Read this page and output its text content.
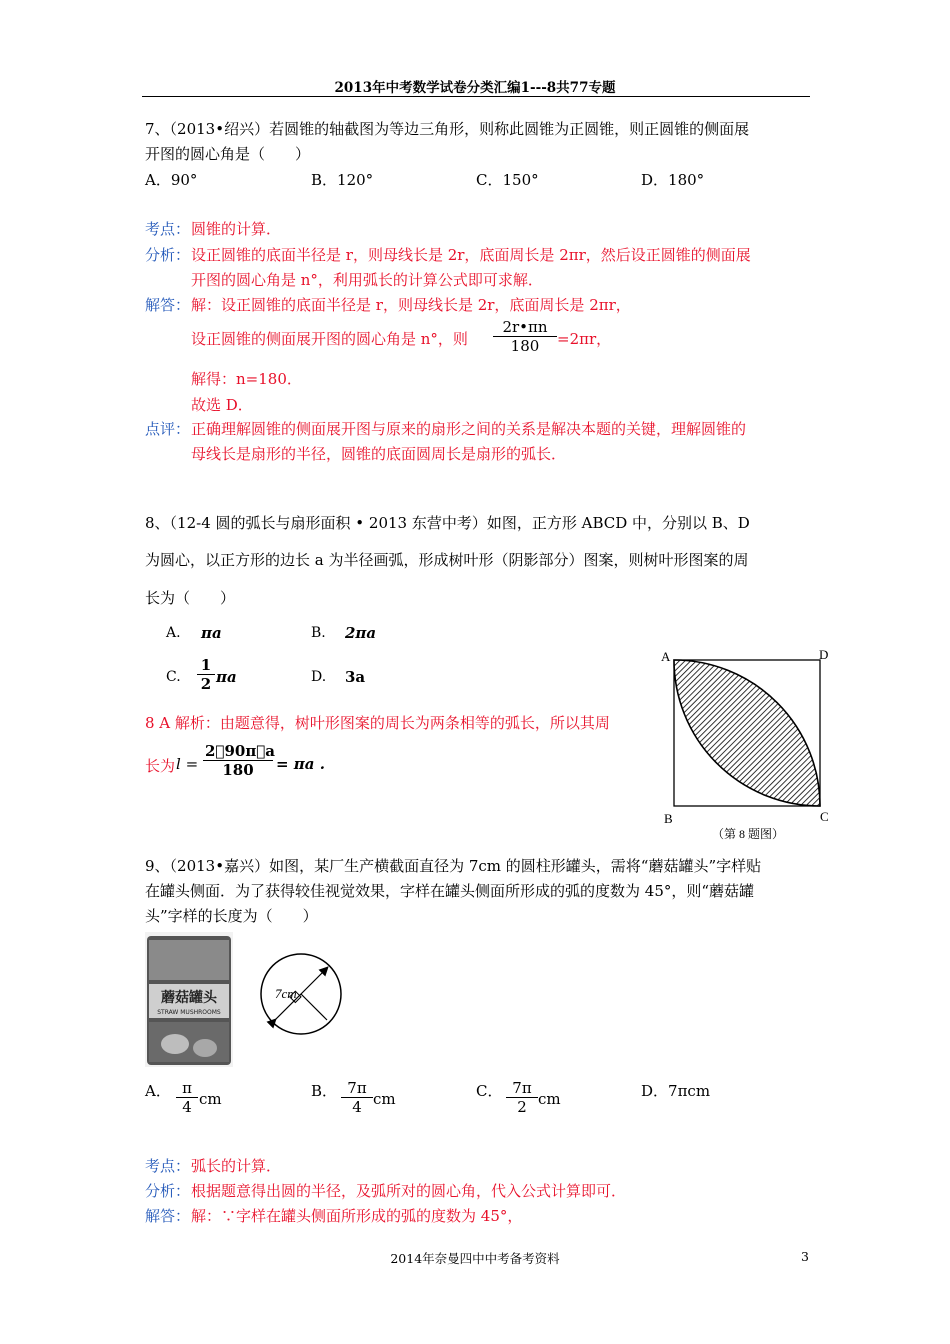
2013年中考数学试卷分类汇编1---8共77专题
7、（2013•绍兴）若圆锥的轴截图为等边三角形，则称此圆锥为正圆锥，则正圆锥的侧面展
开图的圆心角是（　　）
A．90°	B．120°	C．150°	D．180°
考点： 圆锥的计算．
分析： 设正圆锥的底面半径是 r，则母线长是 2r，底面周长是 2πr，然后设正圆锥的侧面展
开图的圆心角是 n°，利用弧长的计算公式即可求解．
解答： 解：设正圆锥的底面半径是 r，则母线长是 2r，底面周长是 2πr，
设正圆锥的侧面展开图的圆心角是 n°，则 $\frac{2r•\pi n}{180} =2\pi r$，
解得：n=180．
故选 D．
点评： 正确理解圆锥的侧面展开图与原来的扇形之间的关系是解决本题的关键，理解圆锥的
母线长是扇形的半径，圆锥的底面圆周长是扇形的弧长．
8、（12-4 圆的弧长与扇形面积 • 2013 东营中考）如图，正方形 ABCD 中，分别以 B、D
为圆心，以正方形的边长 a 为半径画弧，形成树叶形（阴影部分）图案，则树叶形图案的周
长为（　　）
A. πa	B. 2πa
C. $\frac{1}{2}$ πa	D. 3a
8 A 解析：由题意得，树叶形图案的周长为两条相等的弧长，所以其周
长为 $l = \frac{2⃞90\pi⃞a}{180} = \pi a$ .
A	D
B	C
（第 8 题图）
9、（2013•嘉兴）如图，某厂生产横截面直径为 7cm 的圆柱形罐头，需将“蘑菇罐头”字样贴
在罐头侧面．为了获得较佳视觉效果，字样在罐头侧面所形成的弧的度数为 45°，则“蘑菇罐
头”字样的长度为（　　）
蘑菇罐头
STRAW MUSHROOMS
7cm
A． $\frac{\pi}{4}$ cm	B． $\frac{7\pi}{4}$ cm	C． $\frac{7\pi}{2}$ cm	D．7πcm
考点： 弧长的计算．
分析： 根据题意得出圆的半径，及弧所对的圆心角，代入公式计算即可．
解答： 解：∵字样在罐头侧面所形成的弧的度数为 45°，
2014年奈曼四中中考备考资料	3
